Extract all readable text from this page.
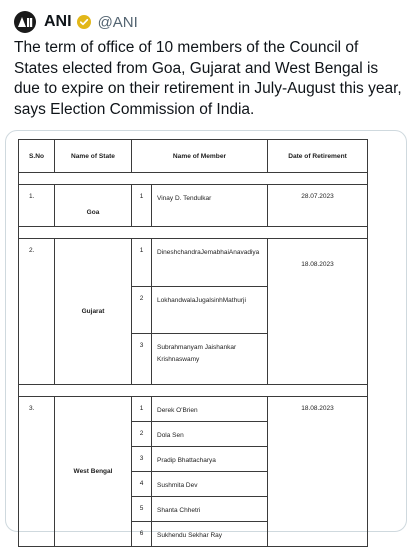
ANI @ANI
The term of office of 10 members of the Council of States elected from Goa, Gujarat and West Bengal is due to expire on their retirement in July-August this year, says Election Commission of India.
S.No	Name of State	Name of Member		Date of Retirement

1.	Goa	1	Vinay D. Tendulkar	28.07.2023

2.	Gujarat	1	DineshchandraJemabhaiAnavadiya	18.08.2023
		2	LokhandwalaJugalsinhMathurji	
		3	Subrahmanyam Jaishankar Krishnaswamy	

3.	West Bengal	1	Derek O'Brien	18.08.2023
		2	Dola Sen	
		3	Pradip Bhattacharya	
		4	Sushmita Dev	
		5	Shanta Chhetri	
		6	Sukhendu Sekhar Ray	
